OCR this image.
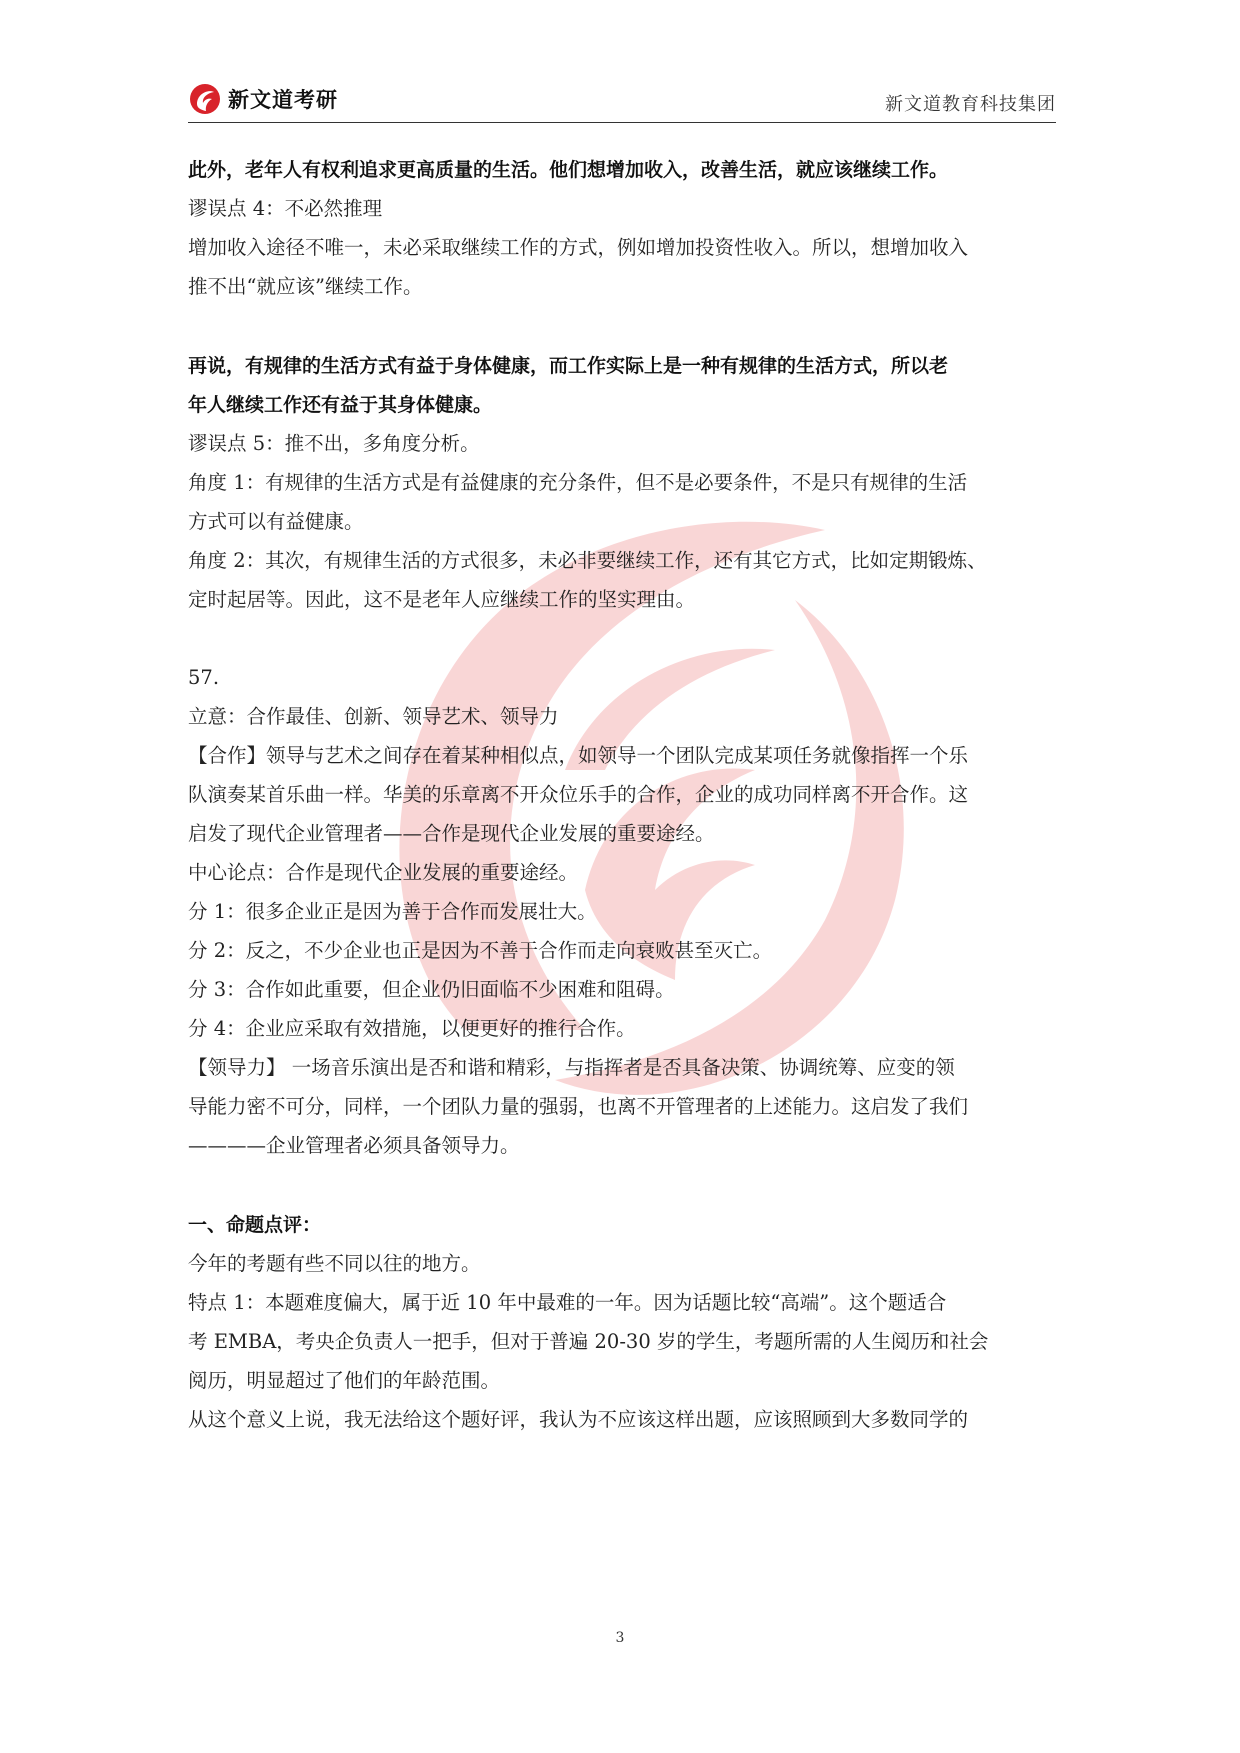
新文道考研	新文道教育科技集团
此外，老年人有权利追求更高质量的生活。他们想增加收入，改善生活，就应该继续工作。
谬误点 4：不必然推理
增加收入途径不唯一，未必采取继续工作的方式，例如增加投资性收入。所以，想增加收入
推不出“就应该”继续工作。
再说，有规律的生活方式有益于身体健康，而工作实际上是一种有规律的生活方式，所以老
年人继续工作还有益于其身体健康。
谬误点 5：推不出，多角度分析。
角度 1：有规律的生活方式是有益健康的充分条件，但不是必要条件，不是只有规律的生活
方式可以有益健康。
角度 2：其次，有规律生活的方式很多，未必非要继续工作，还有其它方式，比如定期锻炼、
定时起居等。因此，这不是老年人应继续工作的坚实理由。
57.
立意：合作最佳、创新、领导艺术、领导力
【合作】领导与艺术之间存在着某种相似点，如领导一个团队完成某项任务就像指挥一个乐
队演奏某首乐曲一样。华美的乐章离不开众位乐手的合作，企业的成功同样离不开合作。这
启发了现代企业管理者——合作是现代企业发展的重要途经。
中心论点：合作是现代企业发展的重要途经。
分 1：很多企业正是因为善于合作而发展壮大。
分 2：反之，不少企业也正是因为不善于合作而走向衰败甚至灭亡。
分 3：合作如此重要，但企业仍旧面临不少困难和阻碍。
分 4：企业应采取有效措施，以便更好的推行合作。
【领导力】 一场音乐演出是否和谐和精彩，与指挥者是否具备决策、协调统筹、应变的领
导能力密不可分，同样，一个团队力量的强弱，也离不开管理者的上述能力。这启发了我们
————企业管理者必须具备领导力。
一、命题点评：
今年的考题有些不同以往的地方。
特点 1：本题难度偏大，属于近 10 年中最难的一年。因为话题比较“高端”。这个题适合
考 EMBA，考央企负责人一把手，但对于普遍 20-30 岁的学生，考题所需的人生阅历和社会
阅历，明显超过了他们的年龄范围。
从这个意义上说，我无法给这个题好评，我认为不应该这样出题，应该照顾到大多数同学的
3
